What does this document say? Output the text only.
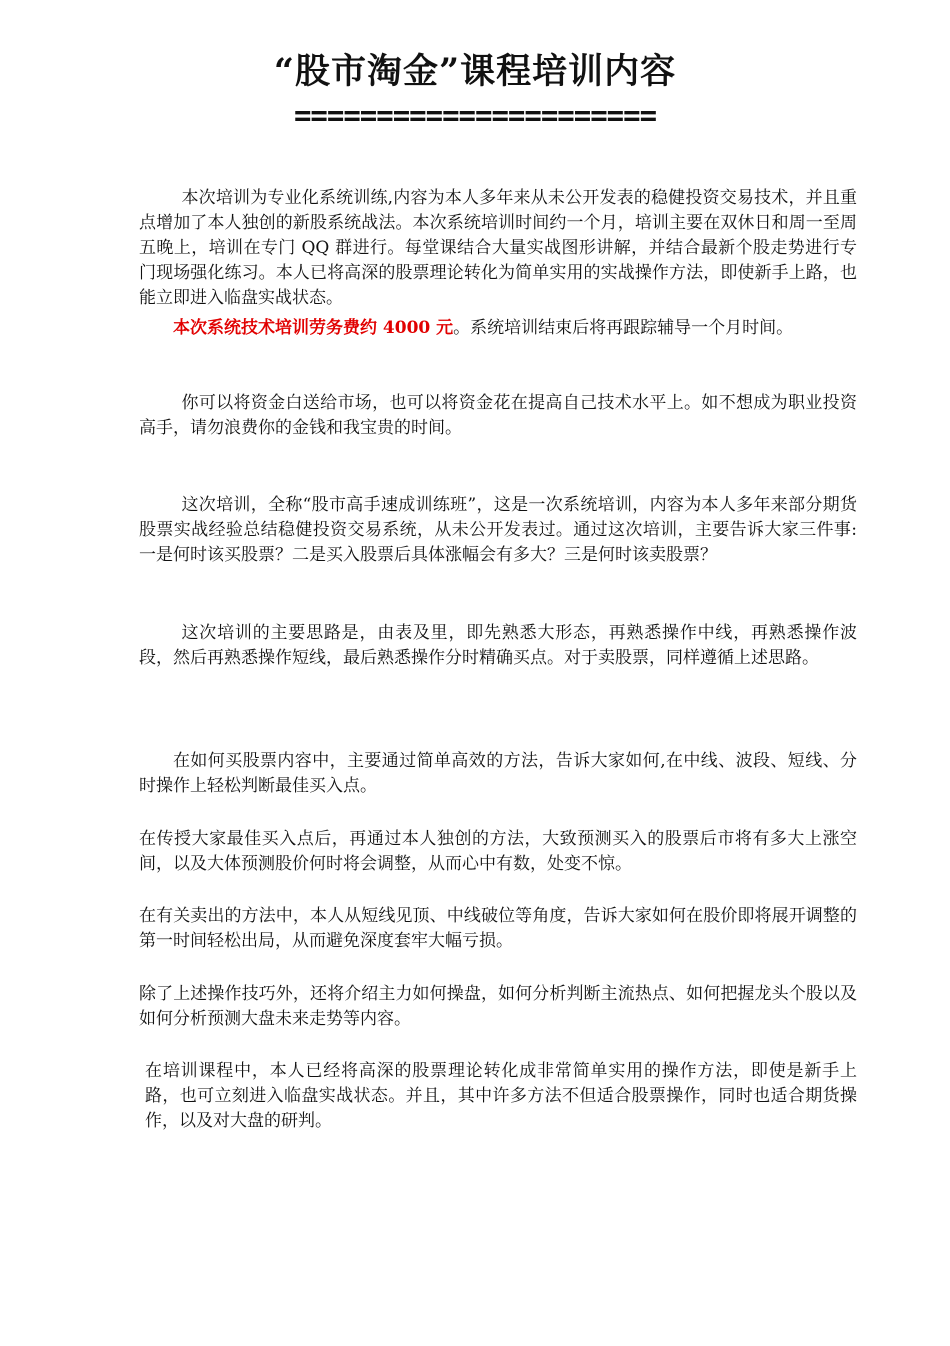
“股市淘金”课程培训内容
======================

本次培训为专业化系统训练,内容为本人多年来从未公开发表的稳健投资交易技术，并且重点增加了本人独创的新股系统战法。本次系统培训时间约一个月，培训主要在双休日和周一至周五晚上，培训在专门 QQ 群进行。每堂课结合大量实战图形讲解，并结合最新个股走势进行专门现场强化练习。本人已将高深的股票理论转化为简单实用的实战操作方法，即使新手上路，也能立即进入临盘实战状态。

本次系统技术培训劳务费约 4000 元。系统培训结束后将再跟踪辅导一个月时间。

你可以将资金白送给市场，也可以将资金花在提高自己技术水平上。如不想成为职业投资高手，请勿浪费你的金钱和我宝贵的时间。

这次培训，全称“股市高手速成训练班”，这是一次系统培训，内容为本人多年来部分期货股票实战经验总结稳健投资交易系统，从未公开发表过。通过这次培训，主要告诉大家三件事:一是何时该买股票？二是买入股票后具体涨幅会有多大？三是何时该卖股票？

这次培训的主要思路是，由表及里，即先熟悉大形态，再熟悉操作中线，再熟悉操作波段，然后再熟悉操作短线，最后熟悉操作分时精确买点。对于卖股票，同样遵循上述思路。

在如何买股票内容中，主要通过简单高效的方法，告诉大家如何,在中线、波段、短线、分时操作上轻松判断最佳买入点。

在传授大家最佳买入点后，再通过本人独创的方法，大致预测买入的股票后市将有多大上涨空间，以及大体预测股价何时将会调整，从而心中有数，处变不惊。

在有关卖出的方法中，本人从短线见顶、中线破位等角度，告诉大家如何在股价即将展开调整的第一时间轻松出局，从而避免深度套牢大幅亏损。

除了上述操作技巧外，还将介绍主力如何操盘，如何分析判断主流热点、如何把握龙头个股以及如何分析预测大盘未来走势等内容。

在培训课程中，本人已经将高深的股票理论转化成非常简单实用的操作方法，即使是新手上路，也可立刻进入临盘实战状态。并且，其中许多方法不但适合股票操作，同时也适合期货操作，以及对大盘的研判。
